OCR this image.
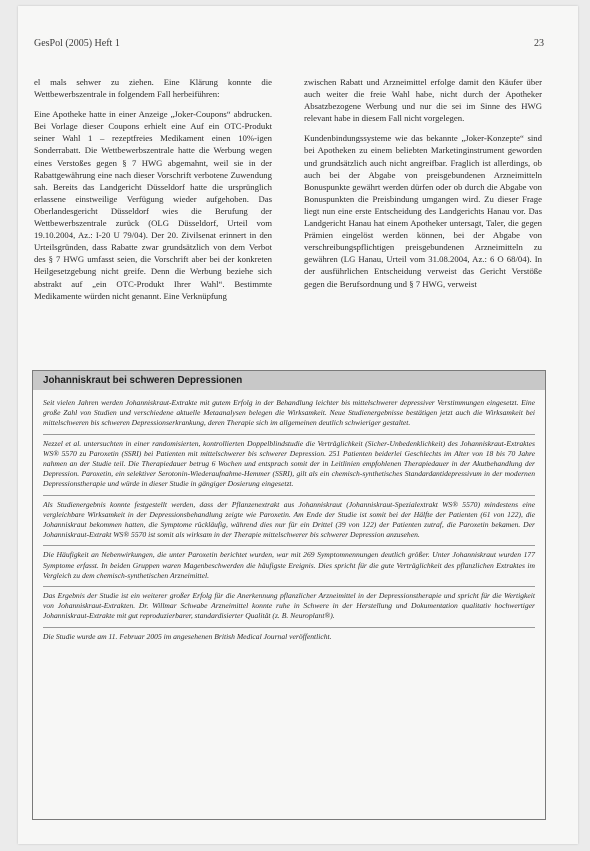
GesPol (2005) Heft 1	23

el mals sehwer zu ziehen. Eine Klärung konnte die Wettbewerbszentrale in folgendem Fall herbeiführen:

Eine Apotheke hatte in einer Anzeige „Joker-Coupons“ abdrucken. Bei Vorlage dieser Coupons erhielt eine Auf ein OTC-Produkt seiner Wahl 1 – rezeptfreies Medikament einen 10%-igen Sonderrabatt. Die Wettbewerbszentrale hatte die Werbung wegen eines Verstoßes gegen § 7 HWG abgemahnt, weil sie in der Rabattgewährung eine nach dieser Vorschrift verbotene Zuwendung sah. Bereits das Landgericht Düsseldorf hatte die ursprünglich erlassene einstweilige Verfügung wieder aufgehoben. Das Oberlandesgericht Düsseldorf wies die Berufung der Wettbewerbszentrale zurück (OLG Düsseldorf, Urteil vom 19.10.2004, Az.: I-20 U 79/04). Der 20. Zivilsenat erinnert in den Urteilsgründen, dass Rabatte zwar grundsätzlich von dem Verbot des § 7 HWG umfasst seien, die Vorschrift aber bei der konkreten Heilgesetzgebung nicht greife. Denn die Werbung beziehe sich abstrakt auf „ein OTC-Produkt Ihrer Wahl“. Bestimmte Medikamente würden nicht genannt. Eine Verknüpfung

zwischen Rabatt und Arzneimittel erfolge damit den Käufer über auch weiter die freie Wahl habe, nicht durch der Apotheker Absatzbezogene Werbung und nur die sei im Sinne des HWG relevant habe in diesem Fall nicht vorgelegen.

Kundenbindungssysteme wie das bekannte „Joker-Konzepte“ sind bei Apotheken zu einem beliebten Marketinginstrument geworden und grundsätzlich auch nicht angreifbar. Fraglich ist allerdings, ob auch bei der Abgabe von preisgebundenen Arzneimitteln Bonuspunkte gewährt werden dürfen oder ob durch die Abgabe von Bonuspunkten die Preisbindung umgangen wird. Zu dieser Frage liegt nun eine erste Entscheidung des Landgerichts Hanau vor. Das Landgericht Hanau hat einem Apotheker untersagt, Taler, die gegen Prämien eingelöst werden können, bei der Abgabe von verschreibungspflichtigen preisgebundenen Arzneimitteln zu gewähren (LG Hanau, Urteil vom 31.08.2004, Az.: 6 O 68/04). In der ausführlichen Entscheidung verweist das Gericht Verstöße gegen die Berufsordnung und § 7 HWG, verweist

Johanniskraut bei schweren Depressionen

Seit vielen Jahren werden Johanniskraut-Extrakte mit gutem Erfolg in der Behandlung leichter bis mittelschwerer depressiver Verstimmungen eingesetzt. Eine große Zahl von Studien und verschiedene aktuelle Metaanalysen belegen die Wirksamkeit. Neue Studienergebnisse bestätigen jetzt auch die Wirksamkeit bei mittelschweren bis schweren Depressionserkrankung, deren Therapie sich im allgemeinen deutlich schwieriger gestaltet.

Nezzel et al. untersuchten in einer randomisierten, kontrollierten Doppelblindstudie die Verträglichkeit (Sicher-Unbedenklichkeit) des Johanniskraut-Extraktes WS® 5570 zu Paroxetin (SSRI) bei Patienten mit mittelschwerer bis schwerer Depression. 251 Patienten beiderlei Geschlechts im Alter von 18 bis 70 Jahre nahmen an der Studie teil. Die Therapiedauer betrug 6 Wochen und entsprach somit der in Leitlinien empfohlenen Therapiedauer in der Akutbehandlung der Depression. Paroxetin, ein selektiver Serotonin-Wiederaufnahme-Hemmer (SSRI), gilt als ein chemisch-synthetisches Standardantidepressivum in der modernen Depressionstherapie und würde in dieser Studie in gängiger Dosierung eingesetzt.

Als Studienergebnis konnte festgestellt werden, dass der Pflanzenextrakt aus Johanniskraut (Johanniskraut-Spezialextrakt WS® 5570) mindestens eine vergleichbare Wirksamkeit in der Depressionsbehandlung zeigte wie Paroxetin. Am Ende der Studie ist somit bei der Hälfte der Patienten (61 von 122), die Johanniskraut bekommen hatten, die Symptome rückläufig, während dies nur für ein Drittel (39 von 122) der Patienten zutraf, die Paroxetin bekamen. Der Johanniskraut-Extrakt WS® 5570 ist somit als wirksam in der Therapie mittelschwerer bis schwerer Depression anzusehen.

Die Häufigkeit an Nebenwirkungen, die unter Paroxetin berichtet wurden, war mit 269 Symptomnennungen deutlich größer. Unter Johanniskraut wurden 177 Symptome erfasst. In beiden Gruppen waren Magenbeschwerden die häufigste Ereignis. Dies spricht für die gute Verträglichkeit des pflanzlichen Extraktes im Vergleich zu dem chemisch-synthetischen Arzneimittel.

Das Ergebnis der Studie ist ein weiterer großer Erfolg für die Anerkennung pflanzlicher Arzneimittel in der Depressionstherapie und spricht für die Wertigkeit von Johanniskraut-Extrakten. Dr. Willmar Schwabe Arzneimittel konnte ruhe in Schwere in der Herstellung und Dokumentation qualitativ hochwertiger Johanniskraut-Extrakte mit gut reproduzierbarer, standardisierter Qualität (z. B. Neuroplant®).

Die Studie wurde am 11. Februar 2005 im angesehenen British Medical Journal veröffentlicht.
